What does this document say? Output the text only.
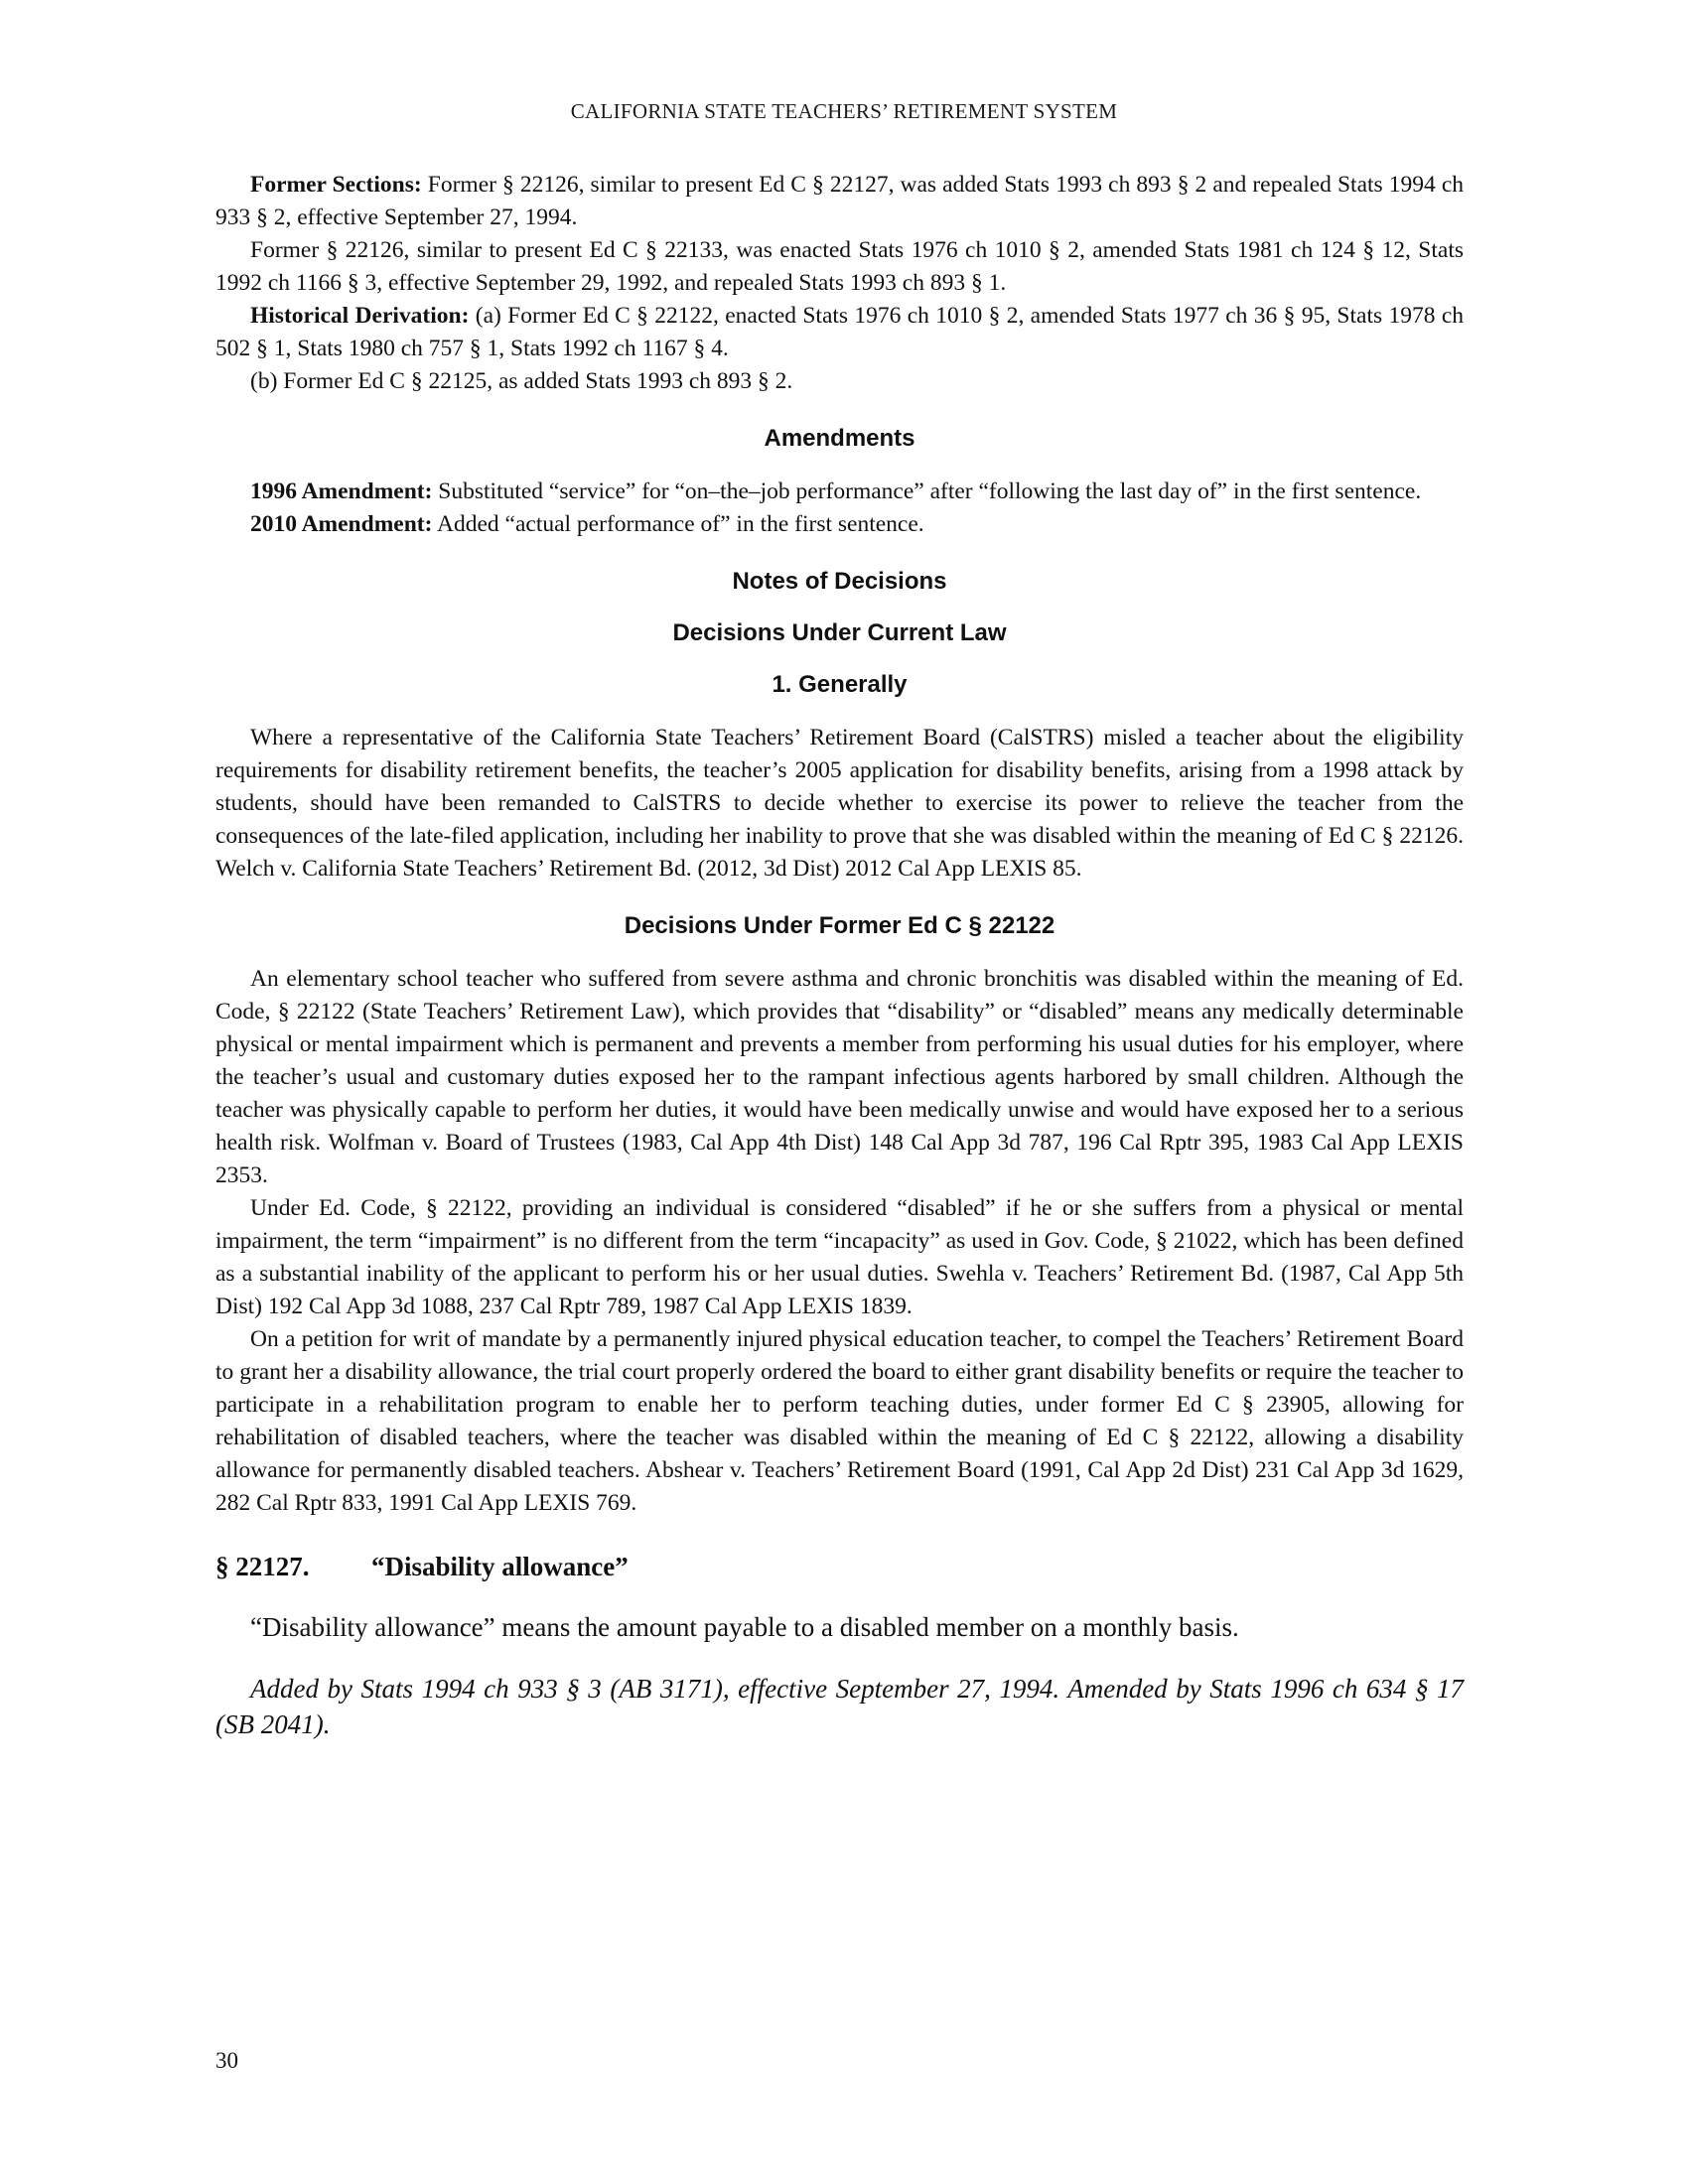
CALIFORNIA STATE TEACHERS’ RETIREMENT SYSTEM

Former Sections: Former § 22126, similar to present Ed C § 22127, was added Stats 1993 ch 893 § 2 and repealed Stats 1994 ch 933 § 2, effective September 27, 1994.

Former § 22126, similar to present Ed C § 22133, was enacted Stats 1976 ch 1010 § 2, amended Stats 1981 ch 124 § 12, Stats 1992 ch 1166 § 3, effective September 29, 1992, and repealed Stats 1993 ch 893 § 1.

Historical Derivation: (a) Former Ed C § 22122, enacted Stats 1976 ch 1010 § 2, amended Stats 1977 ch 36 § 95, Stats 1978 ch 502 § 1, Stats 1980 ch 757 § 1, Stats 1992 ch 1167 § 4.

(b) Former Ed C § 22125, as added Stats 1993 ch 893 § 2.

Amendments

1996 Amendment: Substituted “service” for “on–the–job performance” after “following the last day of” in the first sentence.

2010 Amendment: Added “actual performance of” in the first sentence.

Notes of Decisions
Decisions Under Current Law
1. Generally

Where a representative of the California State Teachers’ Retirement Board (CalSTRS) misled a teacher about the eligibility requirements for disability retirement benefits, the teacher’s 2005 application for disability benefits, arising from a 1998 attack by students, should have been remanded to CalSTRS to decide whether to exercise its power to relieve the teacher from the consequences of the late-filed application, including her inability to prove that she was disabled within the meaning of Ed C § 22126. Welch v. California State Teachers’ Retirement Bd. (2012, 3d Dist) 2012 Cal App LEXIS 85.

Decisions Under Former Ed C § 22122

An elementary school teacher who suffered from severe asthma and chronic bronchitis was disabled within the meaning of Ed. Code, § 22122 (State Teachers’ Retirement Law), which provides that “disability” or “disabled” means any medically determinable physical or mental impairment which is permanent and prevents a member from performing his usual duties for his employer, where the teacher’s usual and customary duties exposed her to the rampant infectious agents harbored by small children. Although the teacher was physically capable to perform her duties, it would have been medically unwise and would have exposed her to a serious health risk. Wolfman v. Board of Trustees (1983, Cal App 4th Dist) 148 Cal App 3d 787, 196 Cal Rptr 395, 1983 Cal App LEXIS 2353.

Under Ed. Code, § 22122, providing an individual is considered “disabled” if he or she suffers from a physical or mental impairment, the term “impairment” is no different from the term “incapacity” as used in Gov. Code, § 21022, which has been defined as a substantial inability of the applicant to perform his or her usual duties. Swehla v. Teachers’ Retirement Bd. (1987, Cal App 5th Dist) 192 Cal App 3d 1088, 237 Cal Rptr 789, 1987 Cal App LEXIS 1839.

On a petition for writ of mandate by a permanently injured physical education teacher, to compel the Teachers’ Retirement Board to grant her a disability allowance, the trial court properly ordered the board to either grant disability benefits or require the teacher to participate in a rehabilitation program to enable her to perform teaching duties, under former Ed C § 23905, allowing for rehabilitation of disabled teachers, where the teacher was disabled within the meaning of Ed C § 22122, allowing a disability allowance for permanently disabled teachers. Abshear v. Teachers’ Retirement Board (1991, Cal App 2d Dist) 231 Cal App 3d 1629, 282 Cal Rptr 833, 1991 Cal App LEXIS 769.

§ 22127. “Disability allowance”

“Disability allowance” means the amount payable to a disabled member on a monthly basis.

Added by Stats 1994 ch 933 § 3 (AB 3171), effective September 27, 1994. Amended by Stats 1996 ch 634 § 17 (SB 2041).

30
